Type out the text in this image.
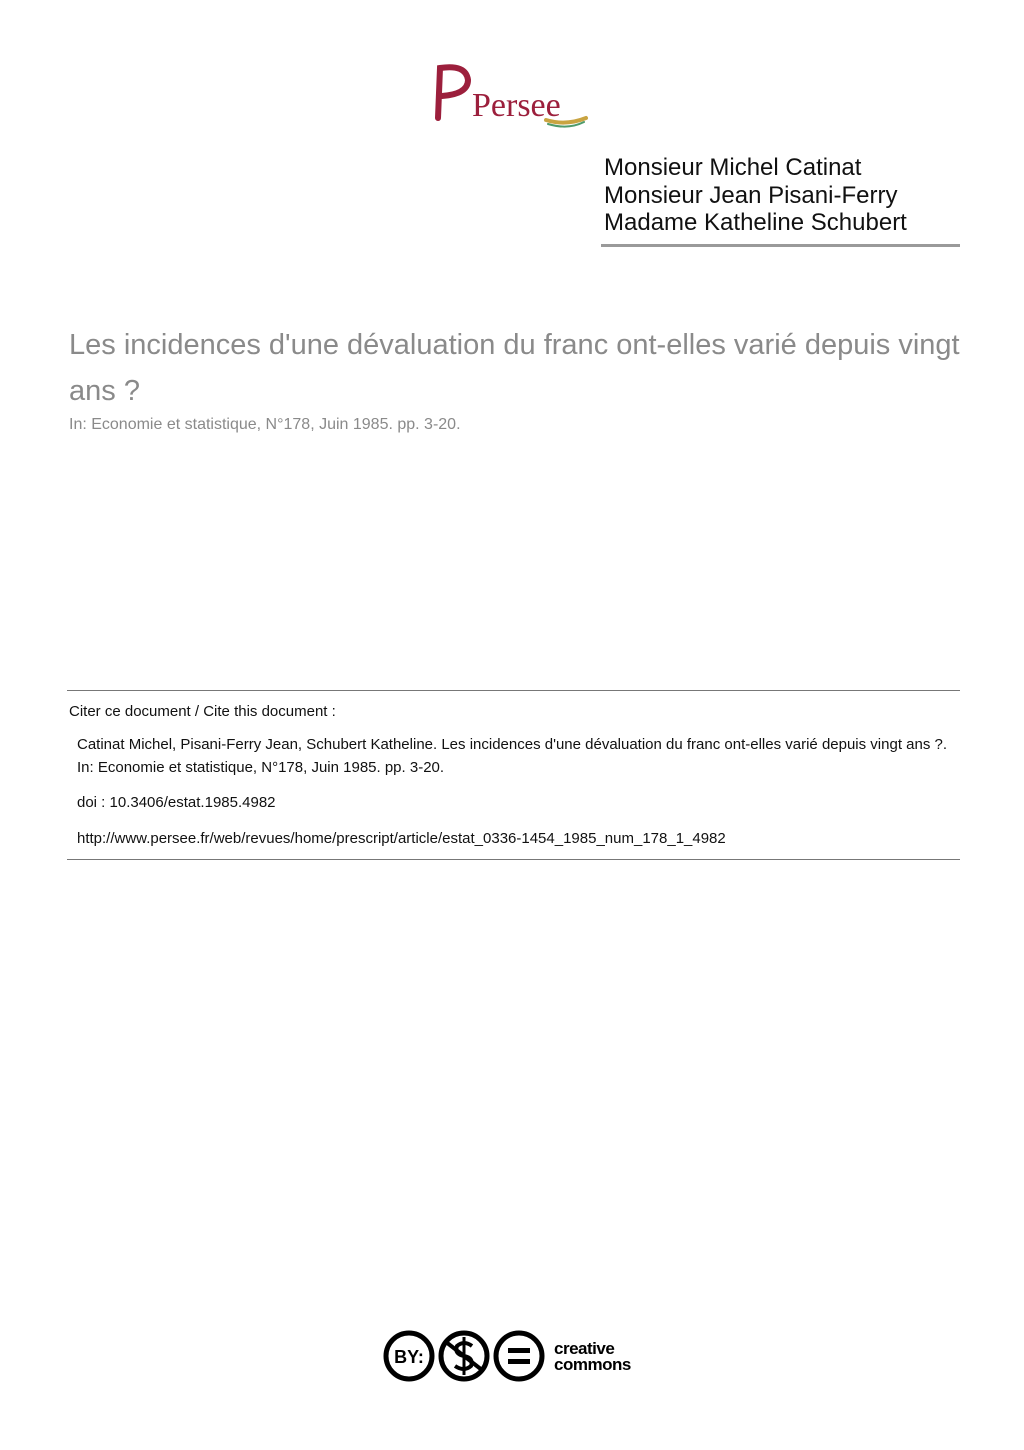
Persee
Monsieur Michel Catinat
Monsieur Jean Pisani-Ferry
Madame Katheline Schubert
Les incidences d'une dévaluation du franc ont-elles varié depuis vingt ans ?
In: Economie et statistique, N°178, Juin 1985. pp. 3-20.
Citer ce document / Cite this document :
Catinat Michel, Pisani-Ferry Jean, Schubert Katheline. Les incidences d'une dévaluation du franc ont-elles varié depuis vingt ans ?. In: Economie et statistique, N°178, Juin 1985. pp. 3-20.
doi : 10.3406/estat.1985.4982
http://www.persee.fr/web/revues/home/prescript/article/estat_0336-1454_1985_num_178_1_4982
BY:	creative
commons
